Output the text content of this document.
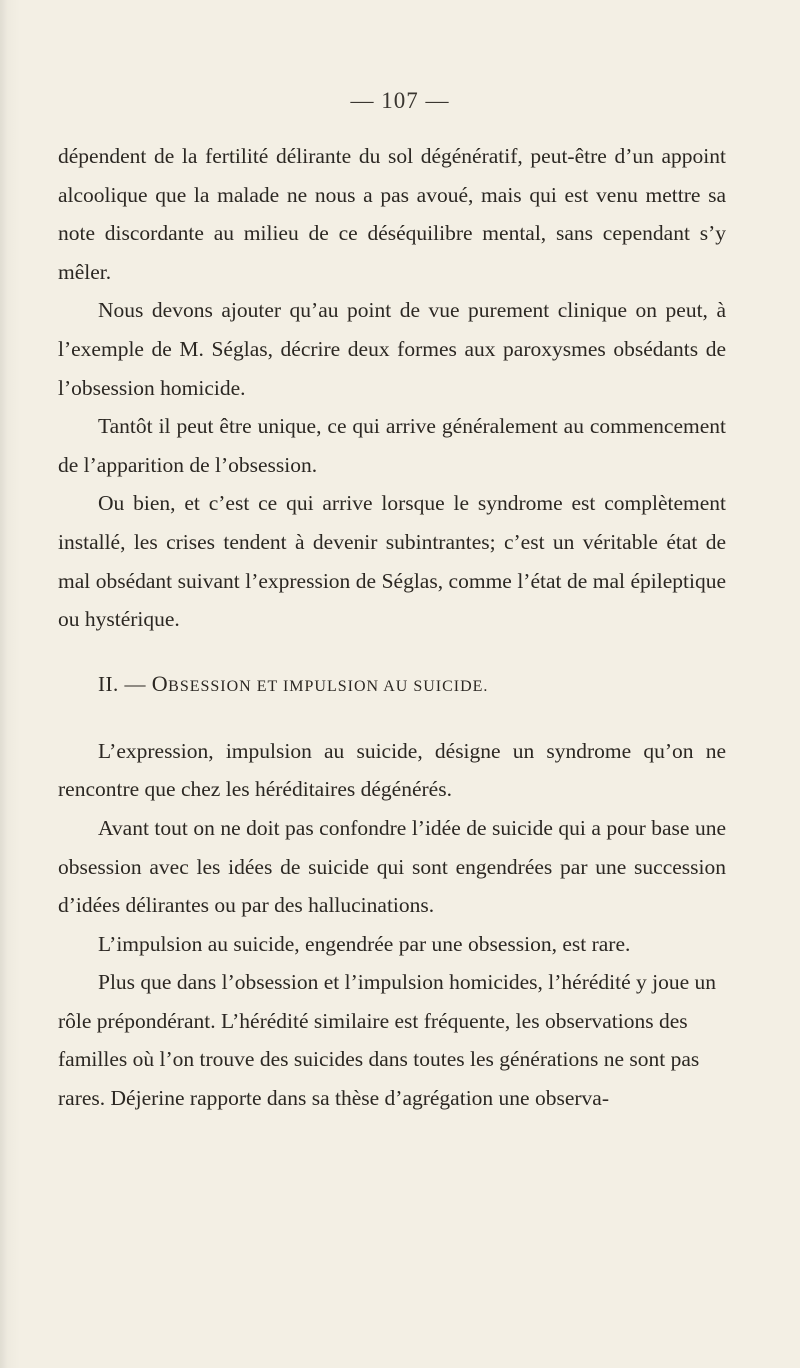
— 107 —

dépendent de la fertilité délirante du sol dégénératif, peut-être d’un appoint alcoolique que la malade ne nous a pas avoué, mais qui est venu mettre sa note discordante au milieu de ce déséquilibre mental, sans cependant s’y mêler.

Nous devons ajouter qu’au point de vue purement clinique on peut, à l’exemple de M. Séglas, décrire deux formes aux paroxysmes obsédants de l’obsession homicide.

Tantôt il peut être unique, ce qui arrive généralement au commencement de l’apparition de l’obsession.

Ou bien, et c’est ce qui arrive lorsque le syndrome est complètement installé, les crises tendent à devenir subintrantes; c’est un véritable état de mal obsédant suivant l’expression de Séglas, comme l’état de mal épileptique ou hystérique.

II. — OBSESSION ET IMPULSION AU SUICIDE.

L’expression, impulsion au suicide, désigne un syndrome qu’on ne rencontre que chez les héréditaires dégénérés.

Avant tout on ne doit pas confondre l’idée de suicide qui a pour base une obsession avec les idées de suicide qui sont engendrées par une succession d’idées délirantes ou par des hallucinations.

L’impulsion au suicide, engendrée par une obsession, est rare.

Plus que dans l’obsession et l’impulsion homicides, l’hérédité y joue un rôle prépondérant. L’hérédité similaire est fréquente, les observations des familles où l’on trouve des suicides dans toutes les générations ne sont pas rares. Déjerine rapporte dans sa thèse d’agrégation une observa-
